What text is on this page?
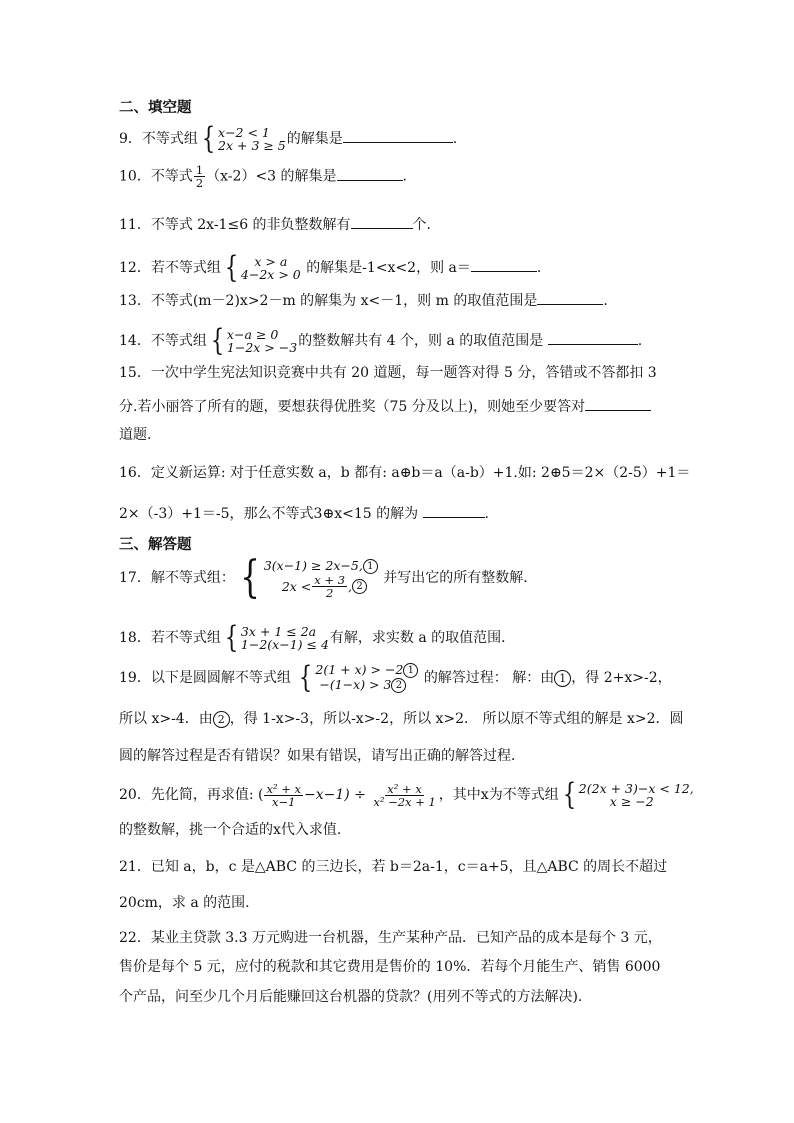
二、填空题
9．不等式组 { x−2 < 1
2x + 3 ≥ 5 的解集是	.
10．不等式 $\frac{1}{2} (x-2)<3$ 的解集是	.
11．不等式 2x-1≤6 的非负整数解有	个．
12．若不等式组 { x > a
4−2x > 0 的解集是-1<x<2，则 a＝	.
13．不等式(m－2)x>2－m 的解集为 x<－1，则 m 的取值范围是	.
14．不等式组 { x−a ≥ 0
1−2x > −3 的整数解共有 4 个，则 a 的取值范围是	.
15．一次中学生宪法知识竞赛中共有 20 道题，每一题答对得 5 分，答错或不答都扣 3
分.若小丽答了所有的题，要想获得优胜奖（75 分及以上)，则她至少要答对
道题.
16．定义新运算: 对于任意实数 a，b 都有: a⊕b＝a（a-b）+1.如: 2⊕5＝2×（2-5）+1＝
2×（-3）+1＝-5，那么不等式3⊕x<15 的解为	.
三、解答题
17．解不等式组： { 3(x−1) ≥ 2x−5, 1
$2x < \frac{x + 3}{2}$ , 2	并写出它的所有整数解．
18．若不等式组 { 3x + 1 ≤ 2a
1−2(x−1) ≤ 4 有解，求实数 a 的取值范围．
19．以下是圆圆解不等式组 { 2(1 + x) > −2 1
−(1−x) > 3 2	的解答过程： 解：由 1 ，得 2+x>-2，
所以 x>-4．由 2 ，得 1-x>-3，所以-x>-2，所以 x>2． 所以原不等式组的解是 x>2．圆
圆的解答过程是否有错误？如果有错误，请写出正确的解答过程．
20．先化简，再求值: ( $\frac{\text{x² + x}}{x-1} -x-1) \div \frac{\text{x² + x}}{\text{x² −2x + 1}}$ ，其中x为不等式组 { 2(2x + 3)−x < 12,
x ≥ −2
的整数解，挑一个合适的x代入求值.
21．已知 a，b，c 是△ABC 的三边长，若 b＝2a-1，c＝a+5，且△ABC 的周长不超过
20cm，求 a 的范围.
22．某业主贷款 3.3 万元购进一台机器，生产某种产品．已知产品的成本是每个 3 元，
售价是每个 5 元，应付的税款和其它费用是售价的 10%．若每个月能生产、销售 6000
个产品，问至少几个月后能赚回这台机器的贷款？(用列不等式的方法解决).
